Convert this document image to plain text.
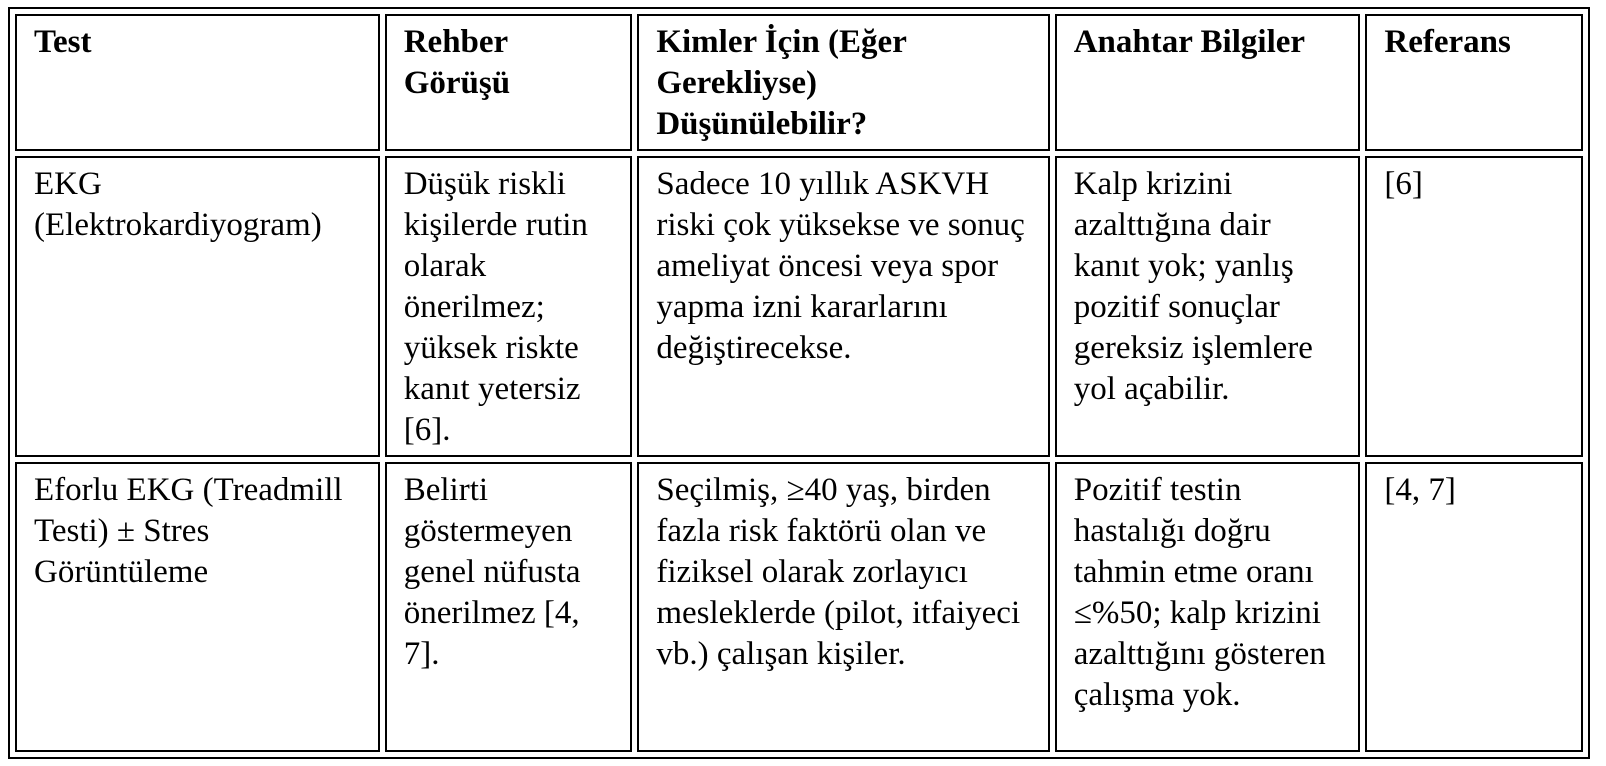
Test	Rehber Görüşü	Kimler İçin (Eğer Gerekliyse) Düşünülebilir?	Anahtar Bilgiler	Referans
EKG (Elektrokardiyogram)	Düşük riskli kişilerde rutin olarak önerilmez; yüksek riskte kanıt yetersiz [6].	Sadece 10 yıllık ASKVH riski çok yüksekse ve sonuç ameliyat öncesi veya spor yapma izni kararlarını değiştirecekse.	Kalp krizini azalttığına dair kanıt yok; yanlış pozitif sonuçlar gereksiz işlemlere yol açabilir.	[6]
Eforlu EKG (Treadmill Testi) ± Stres Görüntüleme	Belirti göstermeyen genel nüfusta önerilmez [4, 7].	Seçilmiş, ≥40 yaş, birden fazla risk faktörü olan ve fiziksel olarak zorlayıcı mesleklerde (pilot, itfaiyeci vb.) çalışan kişiler.	Pozitif testin hastalığı doğru tahmin etme oranı ≤%50; kalp krizini azalttığını gösteren çalışma yok.	[4, 7]
